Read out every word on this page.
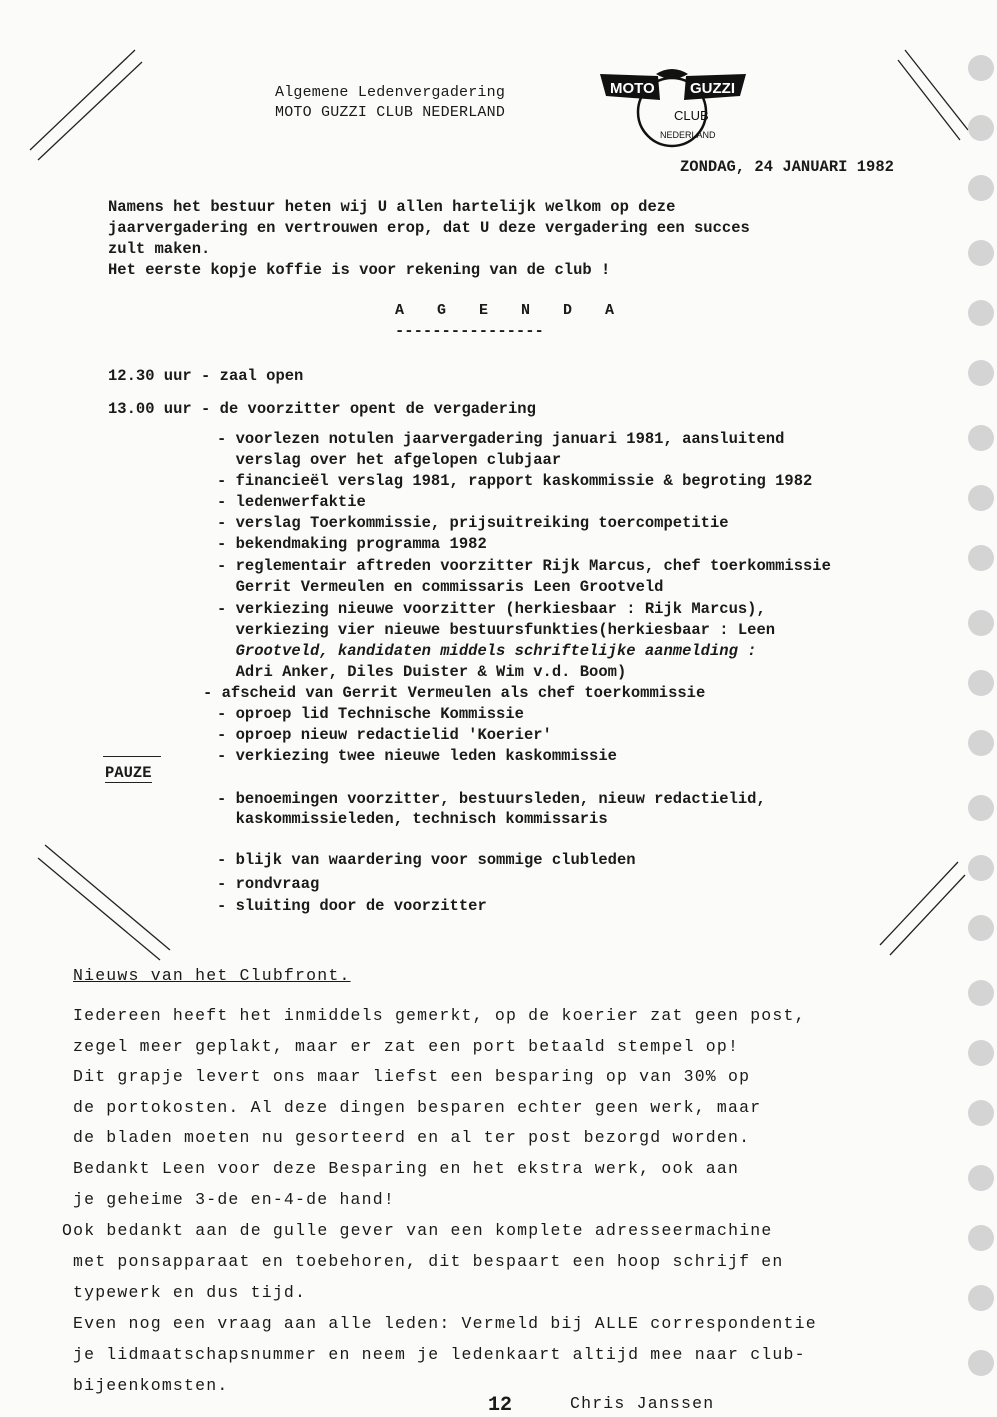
Algemene Ledenvergadering
MOTO GUZZI CLUB NEDERLAND
MOTO GUZZI
CLUB
NEDERLAND
ZONDAG, 24 JANUARI 1982
Namens het bestuur heten wij U allen hartelijk welkom op deze
jaarvergadering en vertrouwen erop, dat U deze vergadering een succes
zult maken.
Het eerste kopje koffie is voor rekening van de club !
A G E N D A
----------------
12.30 uur - zaal open
13.00 uur - de voorzitter opent de vergadering
- voorlezen notulen jaarvergadering januari 1981, aansluitend
verslag over het afgelopen clubjaar
- financieël verslag 1981, rapport kaskommissie & begroting 1982
- ledenwerfaktie
- verslag Toerkommissie, prijsuitreiking toercompetitie
- bekendmaking programma 1982
- reglementair aftreden voorzitter Rijk Marcus, chef toerkommissie
Gerrit Vermeulen en commissaris Leen Grootveld
- verkiezing nieuwe voorzitter (herkiesbaar : Rijk Marcus),
verkiezing vier nieuwe bestuursfunkties(herkiesbaar : Leen
Grootveld, kandidaten middels schriftelijke aanmelding :
Adri Anker, Diles Duister & Wim v.d. Boom)
- afscheid van Gerrit Vermeulen als chef toerkommissie
- oproep lid Technische Kommissie
- oproep nieuw redactielid 'Koerier'
- verkiezing twee nieuwe leden kaskommissie
PAUZE
- benoemingen voorzitter, bestuursleden, nieuw redactielid,
kaskommissieleden, technisch kommissaris
- blijk van waardering voor sommige clubleden
- rondvraag
- sluiting door de voorzitter
Nieuws van het Clubfront.
Iedereen heeft het inmiddels gemerkt, op de koerier zat geen post,
zegel meer geplakt, maar er zat een port betaald stempel op!
Dit grapje levert ons maar liefst een besparing op van 30% op
de portokosten. Al deze dingen besparen echter geen werk, maar
de bladen moeten nu gesorteerd en al ter post bezorgd worden.
Bedankt Leen voor deze Besparing en het ekstra werk, ook aan
je geheime 3-de en-4-de hand!
Ook bedankt aan de gulle gever van een komplete adresseermachine
met ponsapparaat en toebehoren, dit bespaart een hoop schrijf en
typewerk en dus tijd.
Even nog een vraag aan alle leden: Vermeld bij ALLE correspondentie
je lidmaatschapsnummer en neem je ledenkaart altijd mee naar club-
bijeenkomsten.
12	Chris Janssen
